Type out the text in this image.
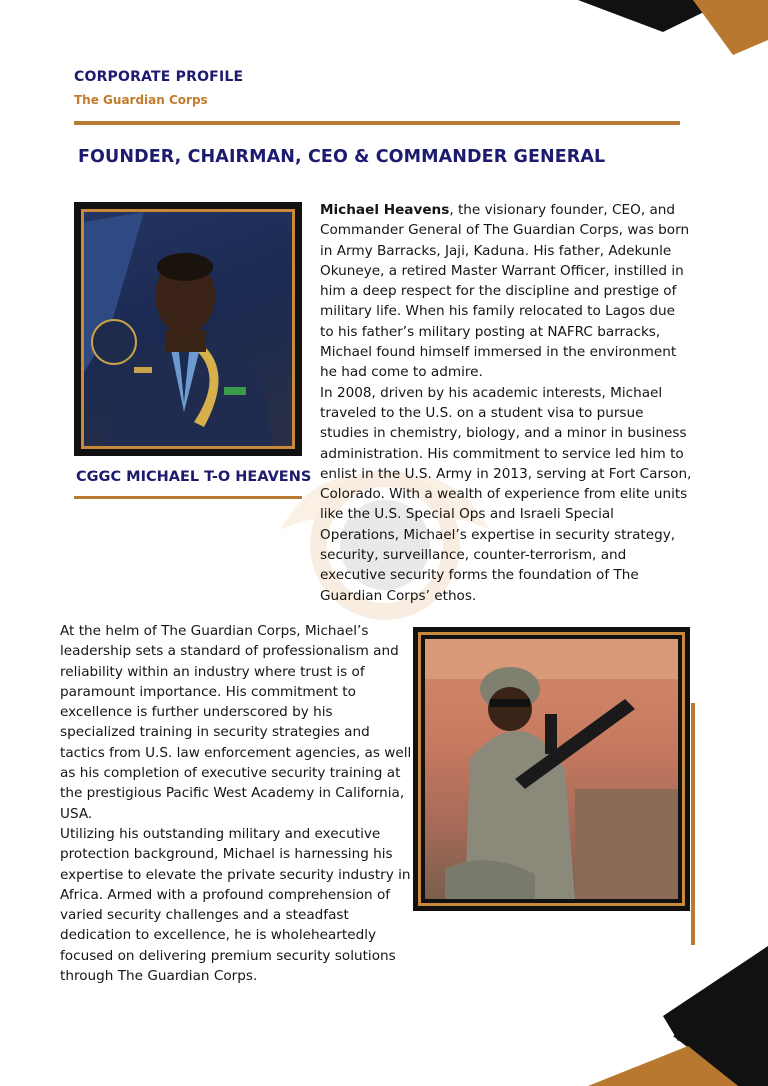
CORPORATE PROFILE
The Guardian Corps
FOUNDER, CHAIRMAN, CEO & COMMANDER GENERAL
CGGC MICHAEL T-O HEAVENS

Michael Heavens, the visionary founder, CEO, and Commander General of The Guardian Corps, was born in Army Barracks, Jaji, Kaduna. His father, Adekunle Okuneye, a retired Master Warrant Officer, instilled in him a deep respect for the discipline and prestige of military life. When his family relocated to Lagos due to his father’s military posting at NAFRC barracks, Michael found himself immersed in the environment he had come to admire.

In 2008, driven by his academic interests, Michael traveled to the U.S. on a student visa to pursue studies in chemistry, biology, and a minor in business administration. His commitment to service led him to enlist in the U.S. Army in 2013, serving at Fort Carson, Colorado. With a wealth of experience from elite units like the U.S. Special Ops and Israeli Special Operations, Michael’s expertise in security strategy, security, surveillance, counter-terrorism, and executive security forms the foundation of The Guardian Corps’ ethos.

At the helm of The Guardian Corps, Michael’s leadership sets a standard of professionalism and reliability within an industry where trust is of paramount importance. His commitment to excellence is further underscored by his specialized training in security strategies and tactics from U.S. law enforcement agencies, as well as his completion of executive security training at the prestigious Pacific West Academy in California, USA.

Utilizing his outstanding military and executive protection background, Michael is harnessing his expertise to elevate the private security industry in Africa. Armed with a profound comprehension of varied security challenges and a steadfast dedication to excellence, he is wholeheartedly focused on delivering premium security solutions through The Guardian Corps.
